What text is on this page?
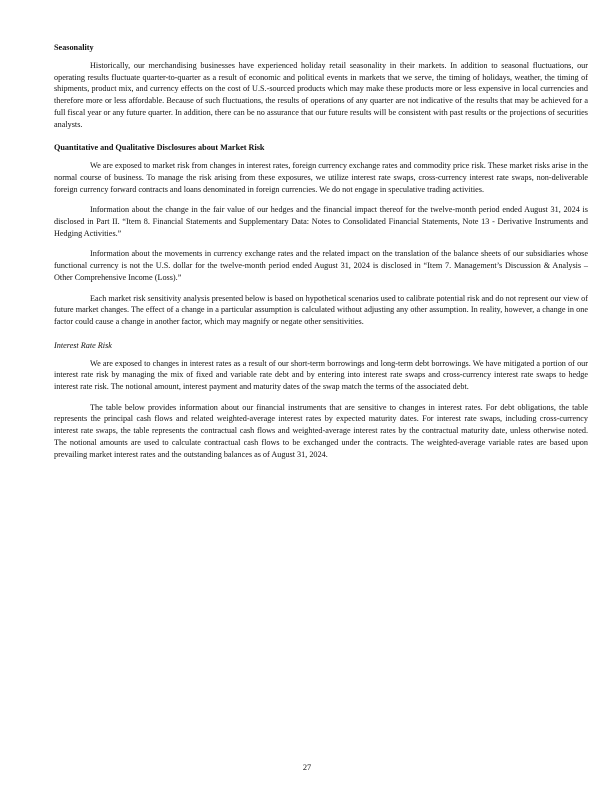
Seasonality

Historically, our merchandising businesses have experienced holiday retail seasonality in their markets. In addition to seasonal fluctuations, our operating results fluctuate quarter-to-quarter as a result of economic and political events in markets that we serve, the timing of holidays, weather, the timing of shipments, product mix, and currency effects on the cost of U.S.-sourced products which may make these products more or less expensive in local currencies and therefore more or less affordable. Because of such fluctuations, the results of operations of any quarter are not indicative of the results that may be achieved for a full fiscal year or any future quarter. In addition, there can be no assurance that our future results will be consistent with past results or the projections of securities analysts.

Quantitative and Qualitative Disclosures about Market Risk

We are exposed to market risk from changes in interest rates, foreign currency exchange rates and commodity price risk. These market risks arise in the normal course of business. To manage the risk arising from these exposures, we utilize interest rate swaps, cross-currency interest rate swaps, non-deliverable foreign currency forward contracts and loans denominated in foreign currencies. We do not engage in speculative trading activities.

Information about the change in the fair value of our hedges and the financial impact thereof for the twelve-month period ended August 31, 2024 is disclosed in Part II. “Item 8. Financial Statements and Supplementary Data: Notes to Consolidated Financial Statements, Note 13 - Derivative Instruments and Hedging Activities.”

Information about the movements in currency exchange rates and the related impact on the translation of the balance sheets of our subsidiaries whose functional currency is not the U.S. dollar for the twelve-month period ended August 31, 2024 is disclosed in “Item 7. Management’s Discussion & Analysis – Other Comprehensive Income (Loss).”

Each market risk sensitivity analysis presented below is based on hypothetical scenarios used to calibrate potential risk and do not represent our view of future market changes. The effect of a change in a particular assumption is calculated without adjusting any other assumption. In reality, however, a change in one factor could cause a change in another factor, which may magnify or negate other sensitivities.

Interest Rate Risk

We are exposed to changes in interest rates as a result of our short-term borrowings and long-term debt borrowings. We have mitigated a portion of our interest rate risk by managing the mix of fixed and variable rate debt and by entering into interest rate swaps and cross-currency interest rate swaps to hedge interest rate risk. The notional amount, interest payment and maturity dates of the swap match the terms of the associated debt.

The table below provides information about our financial instruments that are sensitive to changes in interest rates. For debt obligations, the table represents the principal cash flows and related weighted-average interest rates by expected maturity dates. For interest rate swaps, including cross-currency interest rate swaps, the table represents the contractual cash flows and weighted-average interest rates by the contractual maturity date, unless otherwise noted. The notional amounts are used to calculate contractual cash flows to be exchanged under the contracts. The weighted-average variable rates are based upon prevailing market interest rates and the outstanding balances as of August 31, 2024.

27
